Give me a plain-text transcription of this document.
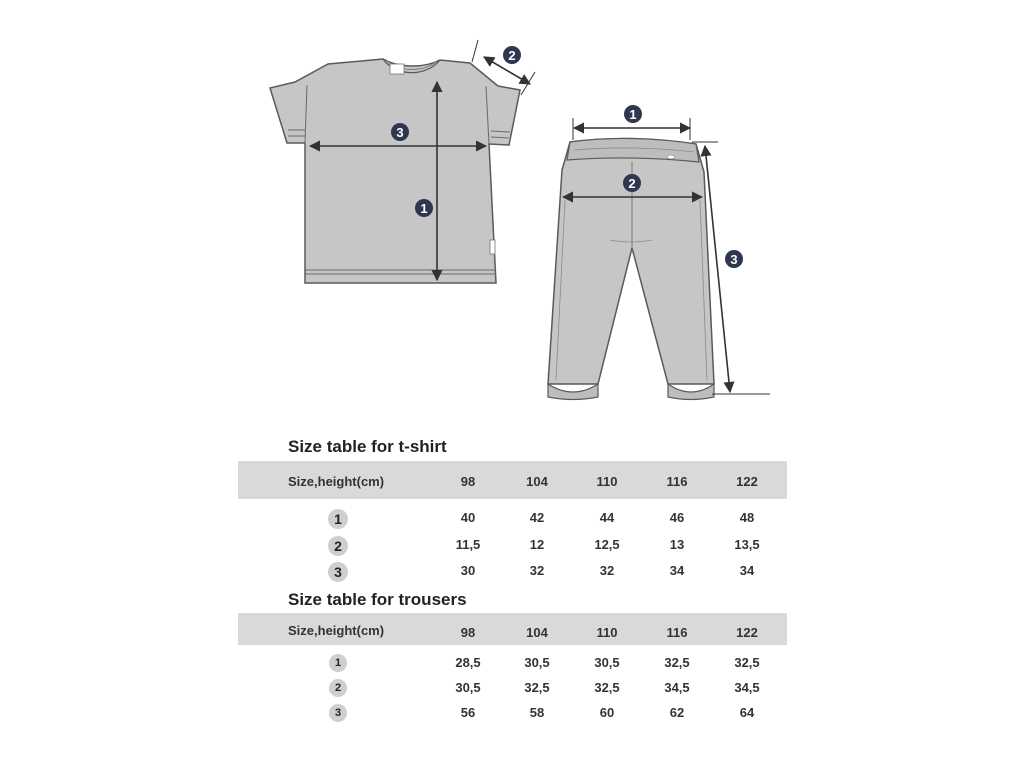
1
2
3
1
2
3
Size table for t-shirt
Size,height(cm)	98	104	110	116	122
1	40	42	44	46	48
2	11,5	12	12,5	13	13,5
3	30	32	32	34	34
Size table for trousers
Size,height(cm)	98	104	110	116	122
1	28,5	30,5	30,5	32,5	32,5
2	30,5	32,5	32,5	34,5	34,5
3	56	58	60	62	64
